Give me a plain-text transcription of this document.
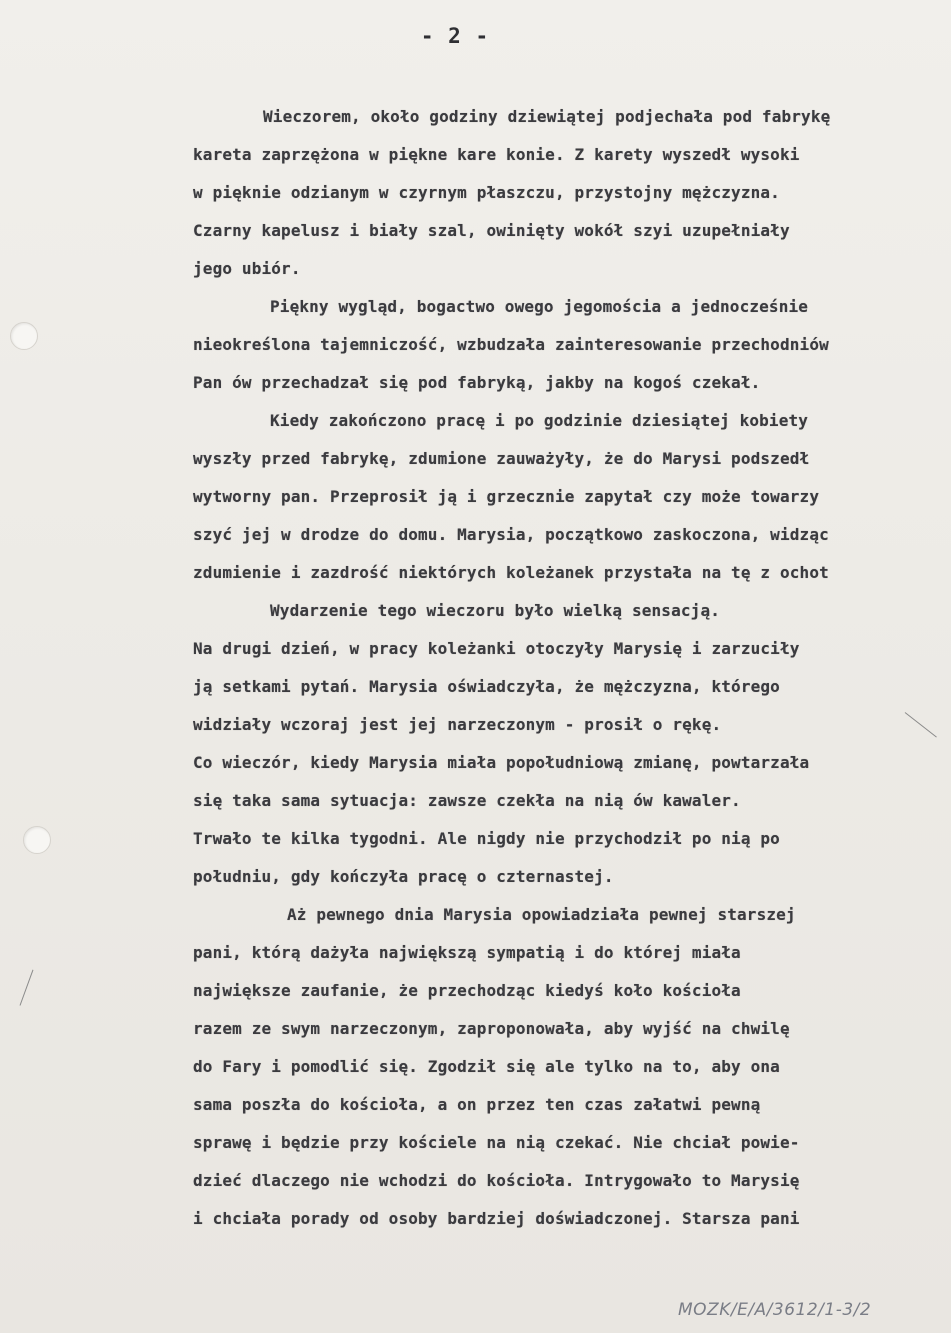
- 2 -
Wieczorem, około godziny dziewiątej podjechała pod fabrykę
kareta zaprzężona w piękne kare konie. Z karety wyszedł wysoki
w pięknie odzianym w czyrnym płaszczu, przystojny mężczyzna.
Czarny kapelusz i biały szal, owinięty wokół szyi uzupełniały
jego ubiór.
Piękny wygląd, bogactwo owego jegomościa a jednocześnie
nieokreślona tajemniczość, wzbudzała zainteresowanie przechodniów
Pan ów przechadzał się pod fabryką, jakby na kogoś czekał.
Kiedy zakończono pracę i po godzinie dziesiątej kobiety
wyszły przed fabrykę, zdumione zauważyły, że do Marysi podszedł
wytworny pan. Przeprosił ją i grzecznie zapytał czy może towarzy
szyć jej w drodze do domu. Marysia, początkowo zaskoczona, widząc
zdumienie i zazdrość niektórych koleżanek przystała na tę z ochot
Wydarzenie tego wieczoru było wielką sensacją.
Na drugi dzień, w pracy koleżanki otoczyły Marysię i zarzuciły
ją setkami pytań. Marysia oświadczyła, że mężczyzna, którego
widziały wczoraj jest jej narzeczonym - prosił o rękę.
Co wieczór, kiedy Marysia miała popołudniową zmianę, powtarzała
się taka sama sytuacja: zawsze czekła na nią ów kawaler.
Trwało te kilka tygodni. Ale nigdy nie przychodził po nią po
południu, gdy kończyła pracę o czternastej.
Aż pewnego dnia Marysia opowiadziała pewnej starszej
pani, którą dażyła największą sympatią i do której miała
największe zaufanie, że przechodząc kiedyś koło kościoła
razem ze swym narzeczonym, zaproponowała, aby wyjść na chwilę
do Fary i pomodlić się. Zgodził się ale tylko na to, aby ona
sama poszła do kościoła, a on przez ten czas załatwi pewną
sprawę i będzie przy kościele na nią czekać. Nie chciał powie-
dzieć dlaczego nie wchodzi do kościoła. Intrygowało to Marysię
i chciała porady od osoby bardziej doświadczonej. Starsza pani
MOZK/E/A/3612/1-3/2
